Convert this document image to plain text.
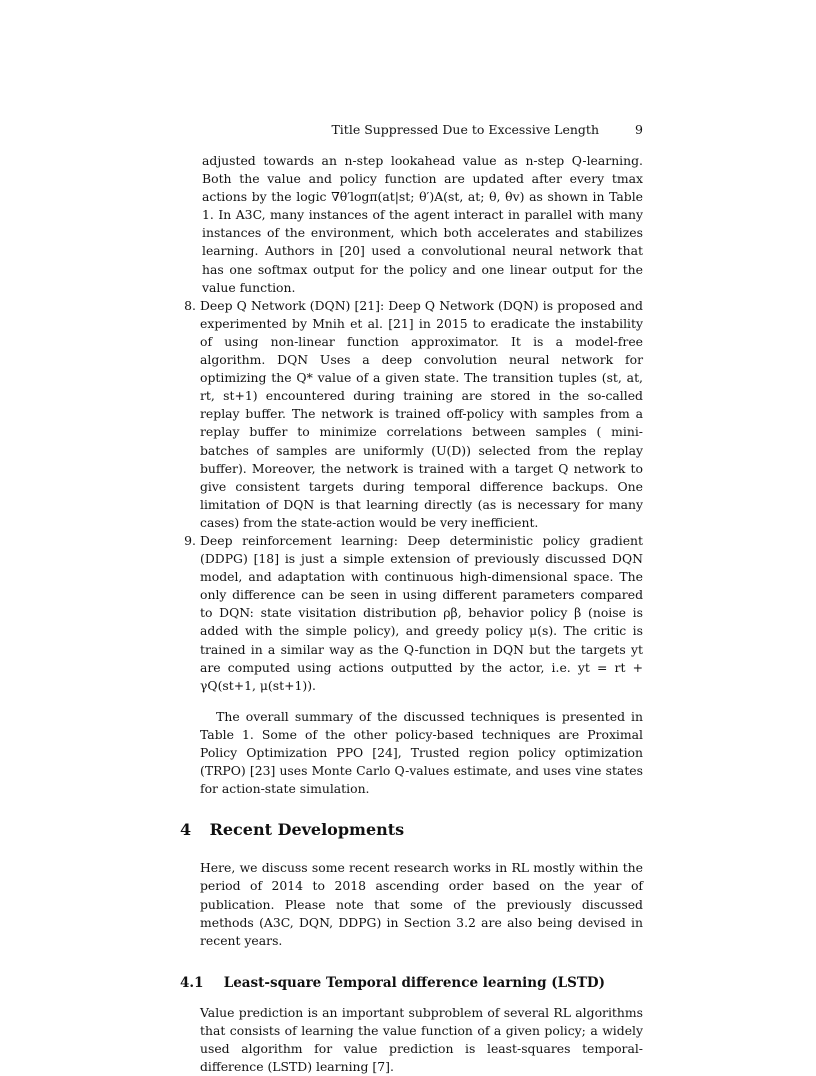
Title Suppressed Due to Excessive Length	9

adjusted towards an n-step lookahead value as n-step Q-learning. Both the value and policy function are updated after every tmax actions by the logic ∇θ′logπ(at|st; θ′)A(st, at; θ, θv) as shown in Table 1. In A3C, many instances of the agent interact in parallel with many instances of the environment, which both accelerates and stabilizes learning. Authors in [20] used a convolutional neural network that has one softmax output for the policy and one linear output for the value function.

8. Deep Q Network (DQN) [21]: Deep Q Network (DQN) is proposed and experimented by Mnih et al. [21] in 2015 to eradicate the instability of using non-linear function approximator. It is a model-free algorithm. DQN Uses a deep convolution neural network for optimizing the Q* value of a given state. The transition tuples (st, at, rt, st+1) encountered during training are stored in the so-called replay buffer. The network is trained off-policy with samples from a replay buffer to minimize correlations between samples ( mini-batches of samples are uniformly (U(D)) selected from the replay buffer). Moreover, the network is trained with a target Q network to give consistent targets during temporal difference backups. One limitation of DQN is that learning directly (as is necessary for many cases) from the state-action would be very inefficient.
9. Deep reinforcement learning: Deep deterministic policy gradient (DDPG) [18] is just a simple extension of previously discussed DQN model, and adaptation with continuous high-dimensional space. The only difference can be seen in using different parameters compared to DQN: state visitation distribution ρβ, behavior policy β (noise is added with the simple policy), and greedy policy μ(s). The critic is trained in a similar way as the Q-function in DQN but the targets yt are computed using actions outputted by the actor, i.e. yt = rt + γQ(st+1, μ(st+1)).

The overall summary of the discussed techniques is presented in Table 1. Some of the other policy-based techniques are Proximal Policy Optimization PPO [24], Trusted region policy optimization (TRPO) [23] uses Monte Carlo Q-values estimate, and uses vine states for action-state simulation.

4 Recent Developments

Here, we discuss some recent research works in RL mostly within the period of 2014 to 2018 ascending order based on the year of publication. Please note that some of the previously discussed methods (A3C, DQN, DDPG) in Section 3.2 are also being devised in recent years.

4.1 Least-square Temporal difference learning (LSTD)

Value prediction is an important subproblem of several RL algorithms that consists of learning the value function of a given policy; a widely used algorithm for value prediction is least-squares temporal-difference (LSTD) learning [7].
